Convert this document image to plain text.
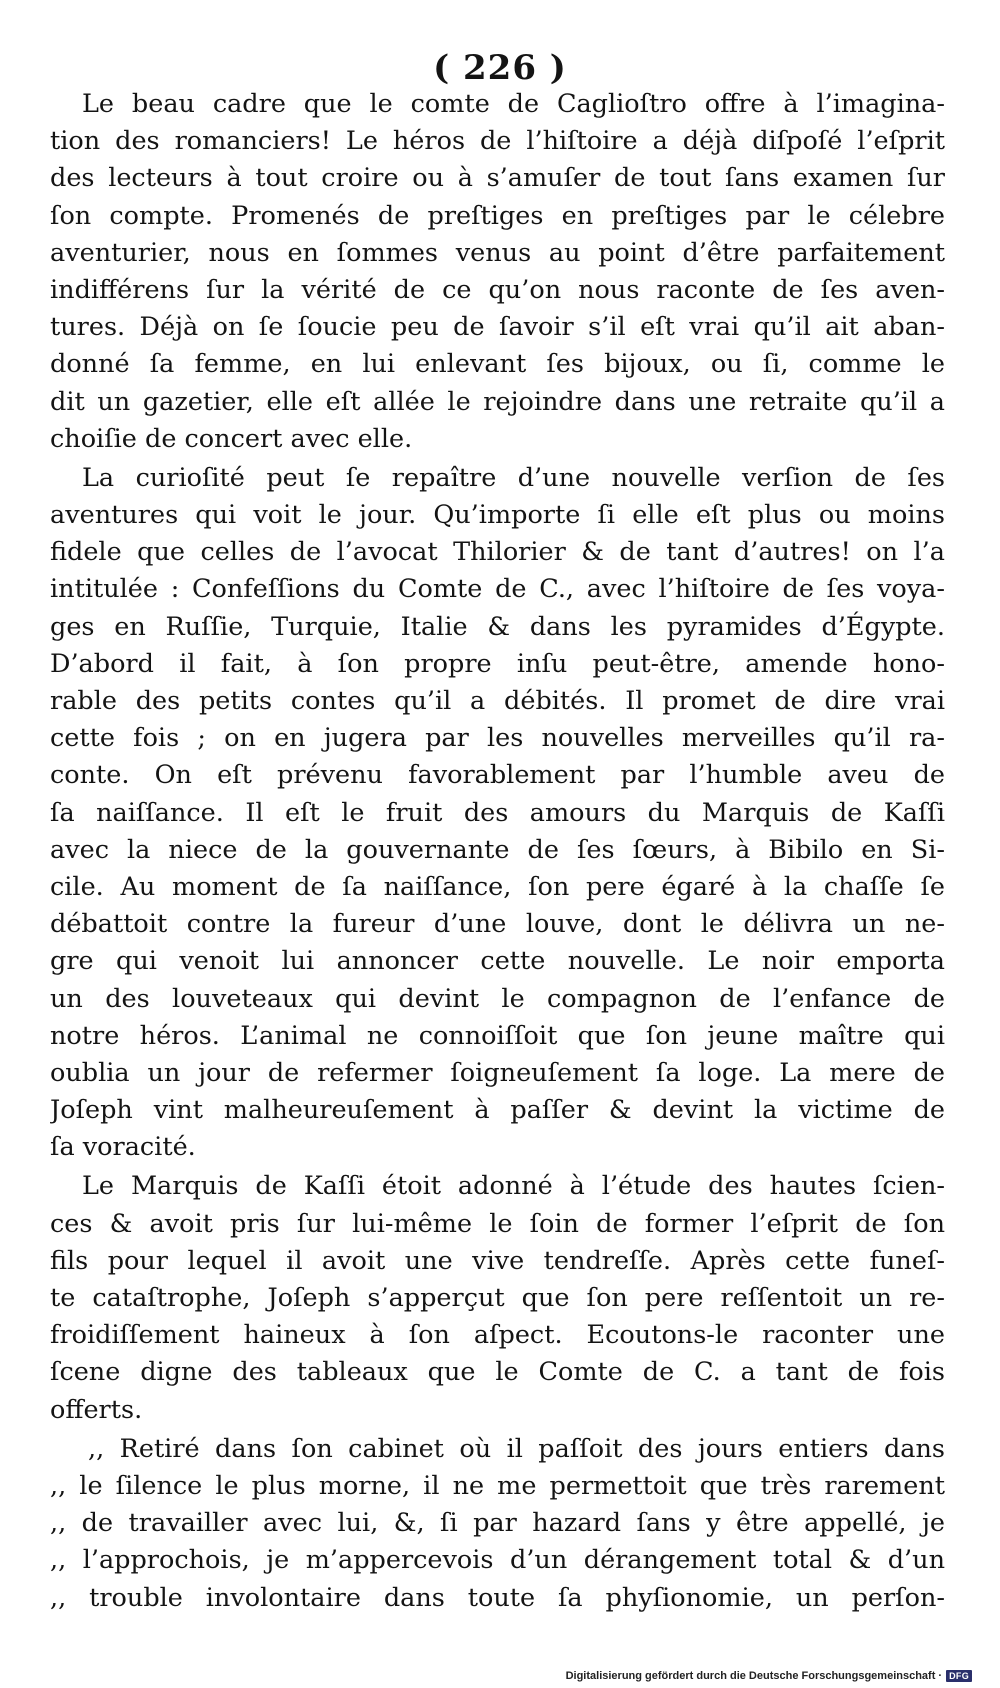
( 226 )
Le beau cadre que le comte de Caglioſtro offre à l’imagina-
tion des romanciers! Le héros de l’hiſtoire a déjà diſpoſé l’eſprit
des lecteurs à tout croire ou à s’amuſer de tout ſans examen ſur
ſon compte. Promenés de preſtiges en preſtiges par le célebre
aventurier, nous en ſommes venus au point d’être parfaitement
indifférens ſur la vérité de ce qu’on nous raconte de ſes aven-
tures. Déjà on ſe ſoucie peu de ſavoir s’il eſt vrai qu’il ait aban-
donné ſa femme, en lui enlevant ſes bijoux, ou ſi, comme le
dit un gazetier, elle eſt allée le rejoindre dans une retraite qu’il a
choiſie de concert avec elle.
La curioſité peut ſe repaître d’une nouvelle verſion de ſes
aventures qui voit le jour. Qu’importe ſi elle eſt plus ou moins
fidele que celles de l’avocat Thilorier & de tant d’autres! on l’a
intitulée : Confeſſions du Comte de C., avec l’hiſtoire de ſes voya-
ges en Ruſſie, Turquie, Italie & dans les pyramides d’Égypte.
D’abord il fait, à ſon propre inſu peut-être, amende hono-
rable des petits contes qu’il a débités. Il promet de dire vrai
cette fois ; on en jugera par les nouvelles merveilles qu’il ra-
conte. On eſt prévenu favorablement par l’humble aveu de
ſa naiſſance. Il eſt le fruit des amours du Marquis de Kaſſi
avec la niece de la gouvernante de ſes ſœurs, à Bibilo en Si-
cile. Au moment de ſa naiſſance, ſon pere égaré à la chaſſe ſe
débattoit contre la fureur d’une louve, dont le délivra un ne-
gre qui venoit lui annoncer cette nouvelle. Le noir emporta
un des louveteaux qui devint le compagnon de l’enfance de
notre héros. L’animal ne connoiſſoit que ſon jeune maître qui
oublia un jour de refermer ſoigneuſement ſa loge. La mere de
Joſeph vint malheureuſement à paſſer & devint la victime de
ſa voracité.
Le Marquis de Kaſſi étoit adonné à l’étude des hautes ſcien-
ces & avoit pris ſur lui-même le ſoin de former l’eſprit de ſon
fils pour lequel il avoit une vive tendreſſe. Après cette funeſ-
te cataſtrophe, Joſeph s’apperçut que ſon pere reſſentoit un re-
froidiſſement haineux à ſon aſpect. Ecoutons-le raconter une
ſcene digne des tableaux que le Comte de C. a tant de fois
offerts.
,, Retiré dans ſon cabinet où il paſſoit des jours entiers dans
,, le ſilence le plus morne, il ne me permettoit que très rarement
,, de travailler avec lui, &, ſi par hazard ſans y être appellé, je
,, l’approchois, je m’appercevois d’un dérangement total & d’un
,, trouble involontaire dans toute ſa phyſionomie, un perſon-
Digitalisierung gefördert durch die Deutsche Forschungsgemeinschaft · DFG
